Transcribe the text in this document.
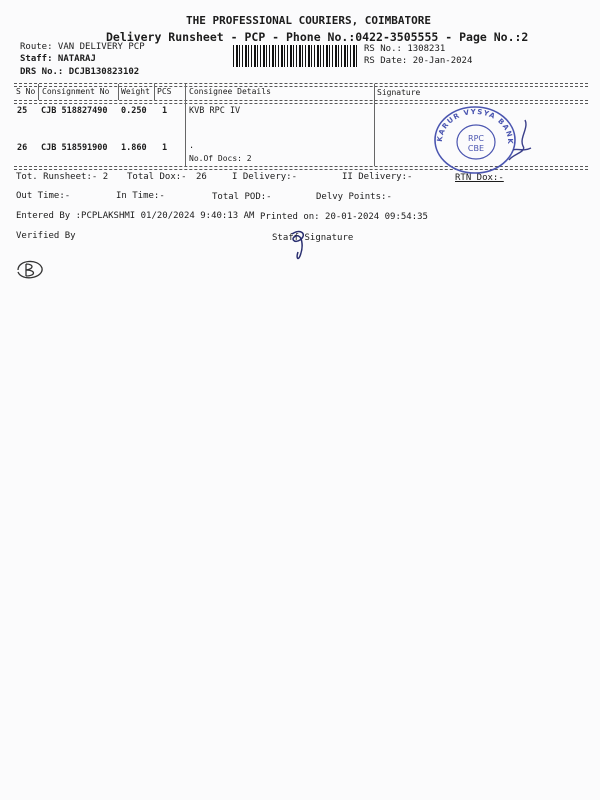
THE PROFESSIONAL COURIERS, COIMBATORE
Delivery Runsheet - PCP - Phone No.:0422-3505555 - Page No.:2
Route: VAN DELIVERY PCP
Staff: NATARAJ
DRS No.: DCJB130823102
RS No.: 1308231
RS Date: 20-Jan-2024
S No Consignment No Weight PCS Consignee Details	Signature
25 CJB 518827490 0.250 1	KVB RPC IV
26 CJB 518591900 1.860 1	.
No.Of Docs: 2
Tot. Runsheet:- 2 Total Dox:- 26	I Delivery:-	II Delivery:-	RTN Dox:-
Out Time:-	In Time:-	Total POD:-	Delvy Points:-
Entered By :PCPLAKSHMI 01/20/2024 9:40:13 AM Printed on: 20-01-2024 09:54:35
Verified By	Staff Signature
KARUR VYSYA BANK
RPC
CBE
